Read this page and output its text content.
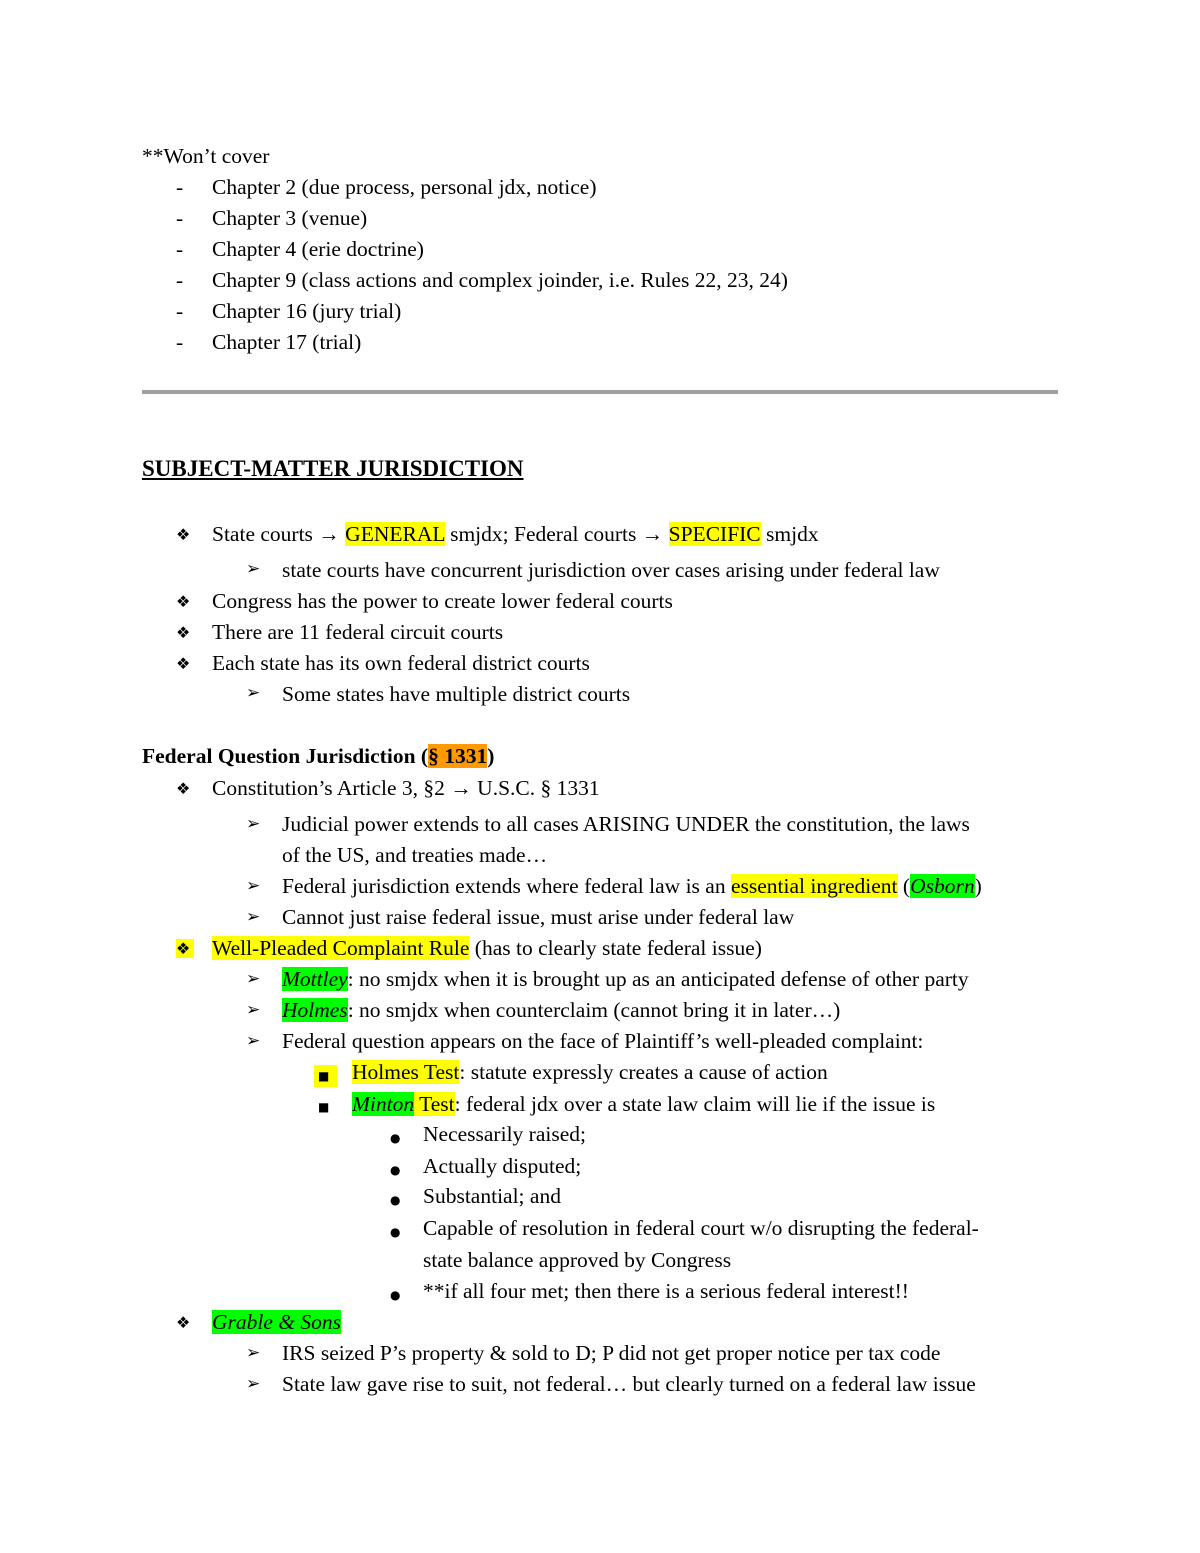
**Won’t cover
- Chapter 2 (due process, personal jdx, notice)
- Chapter 3 (venue)
- Chapter 4 (erie doctrine)
- Chapter 9 (class actions and complex joinder, i.e. Rules 22, 23, 24)
- Chapter 16 (jury trial)
- Chapter 17 (trial)
SUBJECT-MATTER JURISDICTION
❖ State courts → GENERAL smjdx; Federal courts → SPECIFIC smjdx
➢ state courts have concurrent jurisdiction over cases arising under federal law
❖ Congress has the power to create lower federal courts
❖ There are 11 federal circuit courts
❖ Each state has its own federal district courts
➢ Some states have multiple district courts
Federal Question Jurisdiction (§ 1331)
❖ Constitution’s Article 3, §2 → U.S.C. § 1331
➢ Judicial power extends to all cases ARISING UNDER the constitution, the laws
of the US, and treaties made…
➢ Federal jurisdiction extends where federal law is an essential ingredient (Osborn)
➢ Cannot just raise federal issue, must arise under federal law
❖ Well-Pleaded Complaint Rule (has to clearly state federal issue)
➢ Mottley: no smjdx when it is brought up as an anticipated defense of other party
➢ Holmes: no smjdx when counterclaim (cannot bring it in later…)
➢ Federal question appears on the face of Plaintiff’s well-pleaded complaint:
■	Holmes Test: statute expressly creates a cause of action
■ Minton Test: federal jdx over a state law claim will lie if the issue is
● Necessarily raised;
● Actually disputed;
● Substantial; and
● Capable of resolution in federal court w/o disrupting the federal-
state balance approved by Congress
● **if all four met; then there is a serious federal interest!!
❖ Grable & Sons
➢ IRS seized P’s property & sold to D; P did not get proper notice per tax code
➢ State law gave rise to suit, not federal… but clearly turned on a federal law issue
